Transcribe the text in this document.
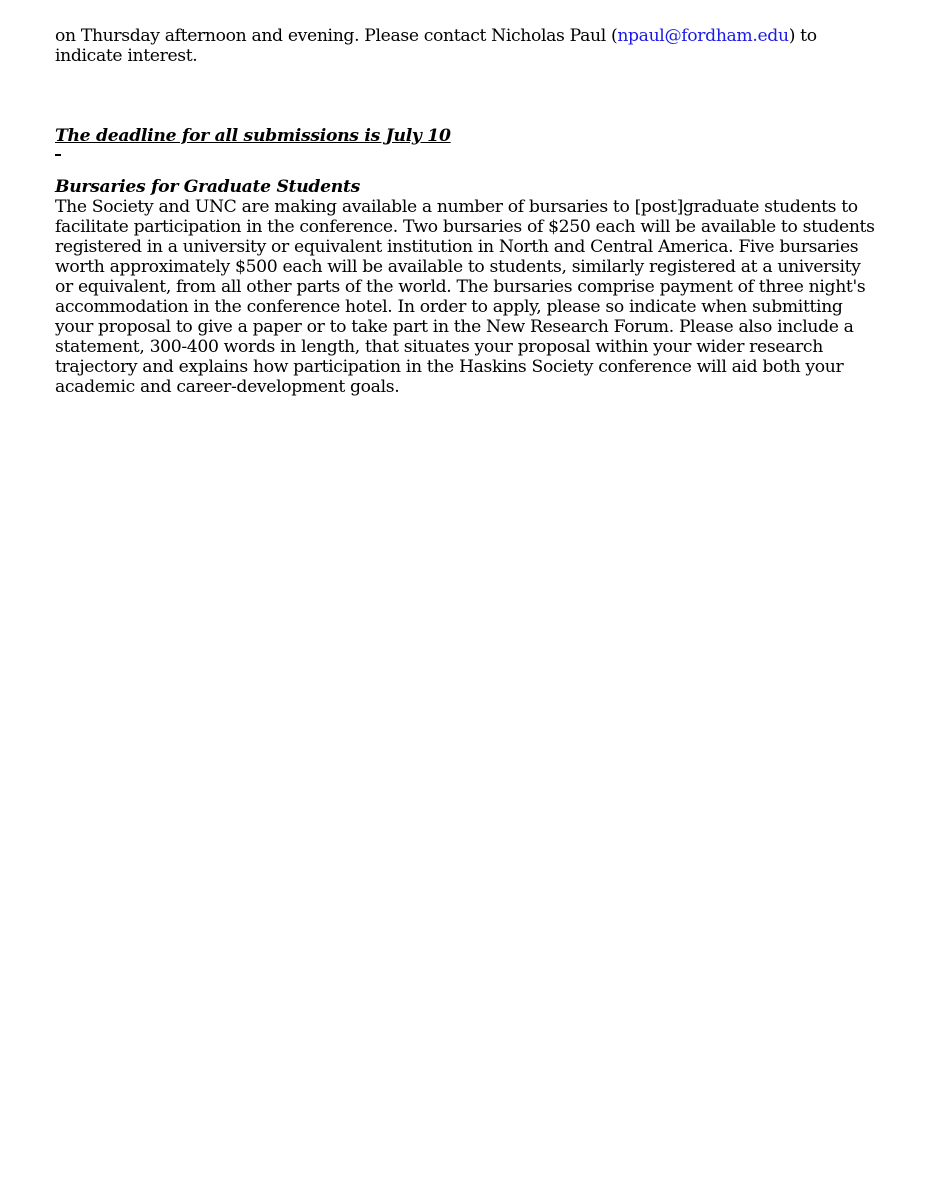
on Thursday afternoon and evening. Please contact Nicholas Paul (npaul@fordham.edu) to indicate interest.

The deadline for all submissions is July 10

Bursaries for Graduate Students

The Society and UNC are making available a number of bursaries to [post]graduate students to facilitate participation in the conference. Two bursaries of $250 each will be available to students registered in a university or equivalent institution in North and Central America. Five bursaries worth approximately $500 each will be available to students, similarly registered at a university or equivalent, from all other parts of the world. The bursaries comprise payment of three night's accommodation in the conference hotel. In order to apply, please so indicate when submitting your proposal to give a paper or to take part in the New Research Forum. Please also include a statement, 300-400 words in length, that situates your proposal within your wider research trajectory and explains how participation in the Haskins Society conference will aid both your academic and career-development goals.
